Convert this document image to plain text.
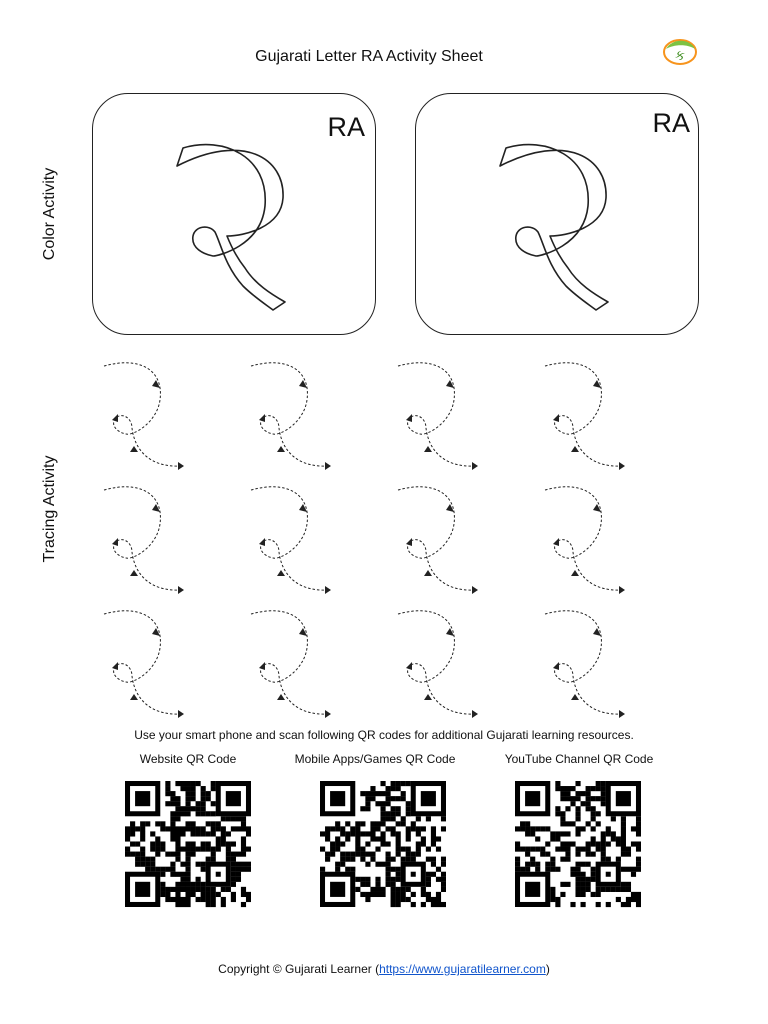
Gujarati Letter RA Activity Sheet	ક
Color Activity
Tracing Activity
RA	RA
Use your smart phone and scan following QR codes for additional Gujarati learning resources.
Website QR Code	Mobile Apps/Games QR Code	YouTube Channel QR Code
Copyright © Gujarati Learner (https://www.gujaratilearner.com)
